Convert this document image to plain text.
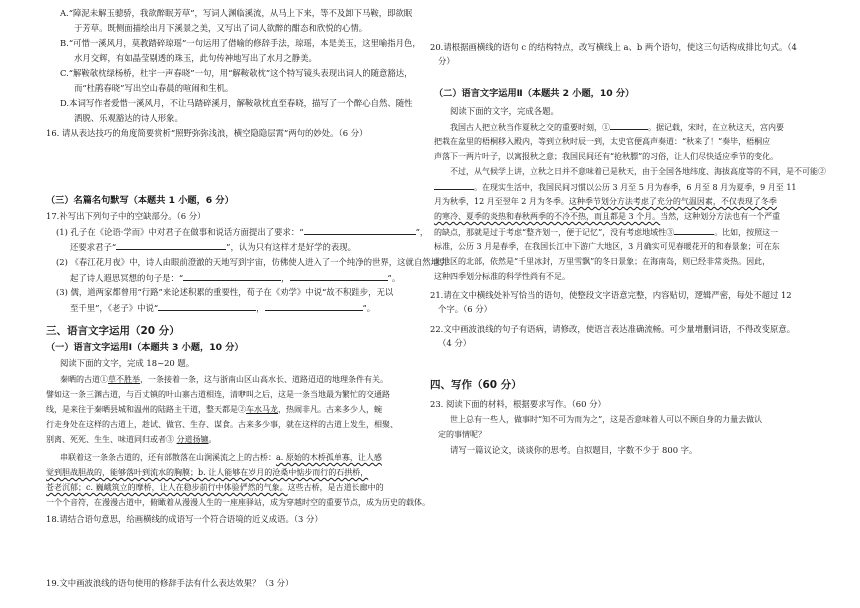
A.“障泥未解玉骢骄，我欲醉眠芳草”，写词人渊临溪流，从马上下来，等不及卸下马鞍，即欲眠
于芳草。既侧面描绘出月下溪景之美，又写出了词人欲醉的酣态和欣悦的心情。
B.“可惜一溪风月，莫教踏碎琼瑶”一句运用了借喻的修辞手法，琼瑶，本是美玉，这里喻指月色，
水月交辉，有如晶莹剔透的珠玉，此句传神地写出了水月之静美。
C.“解鞍欹枕绿杨桥，杜宇一声春晓”一句，用“解鞍欹枕”这个特写镜头表现出词人的随意豁达，
而“杜鹃春晓”写出空山春晨的喧闹和生机。
D.本词写作者爱惜一溪风月，不让马踏碎溪月，解鞍欹枕直至春晓，描写了一个醉心自然、随性
洒脱、乐观豁达的诗人形象。
16. 请从表达技巧的角度简要赏析“照野弥弥浅浪，横空隐隐层霄”两句的妙处。（6 分）
（三）名篇名句默写（本题共 1 小题，6 分）
17.补写出下列句子中的空缺部分。（6 分）
(1) 孔子在《论语·学而》中对君子在做事和说话方面提出了要求：“	”，
还要求君子“	”，认为只有这样才是好学的表现。
(2) 《春江花月夜》中，诗人由眼前澄澈的天地写到宇宙，仿佛使人进入了一个纯净的世界，这就自然地引
起了诗人遐思冥想的句子是：“	，	”。
(3) 儒，道两家都曾用“行路”来论述积累的重要性，荀子在《劝学》中说“故不积跬步，无以
至千里”，《老子》中说“	，	”。
三、语言文字运用（20 分）
（一）语言文字运用Ⅰ（本题共 3 小题，10 分）
阅读下面的文字，完成 18~20 题。
秦晒的古道①草不胜举，一条接着一条，这与浙南山区山高水长、道路迢迢的地理条件有关。
譬如这一条三渊古道，与百丈镇的叶山寨古道相连，清咿叫之后，这是一条当地最为繁忙的交通路
线，是来往于秦晒县城和温州的陆路主干道，整天都是②车水马龙，热闹非凡。古来多少人，蜿
行走身处在这样的古道上，趁试、做官、生存、谋食。古来多少事，就在这样的古道上发生，相聚、
别离、死死、生生、味道同归或者③ 分道扬镳。
串联着这一条条古道的，还有部散落在山涧溪流之上的古桥：a. 原始的木桥孤单寡，让人感
觉到胆战胆战的，能够落叶到流水的胸膜；b. 让人能够在岁月的沧桑中惦步而行的石拱桥，
苍老沉郁；c. 巍峨筑立的摩桥，让人在稳步前行中体验俨然的气象。这些古桥，是古道长廊中的
一个个音符，在漫漫古道中，俯瞰着从漫漫人生的一座座驿站，成为穿越时空的重要节点，成为历史的载体。
18.请结合语句意思，给画横线的成语写一个符合语境的近义成语。（3 分）
19.文中画波浪线的语句使用的修辞手法有什么表达效果？（3 分）
20.请根据画横线的语句 c 的结构特点，改写横线上 a、b 两个语句，使这三句话构成排比句式。（4
分）
（二）语言文字运用Ⅱ（本题共 2 小题，10 分）
阅读下面的文字，完成各题。
我国古人把立秋当作夏秋之交的重要时刻，①	。据记载，宋时，在立秋这天，宫内要
把栽在盆里的梧桐移入殿内，等到立秋时辰一到，太史官便高声奏道：“秋来了！”奏毕，梧桐应
声落下一两片叶子，以寓报秋之意；我国民间还有“抢秋膘”的习俗，让人们尽快适应季节的变化。
不过，从气候学上讲，立秋之日并不意味着已是秋天，由于全国各地纬度、海拔高度等的不同，是不可能②
。在现实生活中，我国民间习惯以公历 3 月至 5 月为春季，6 月至 8 月为夏季，9 月至 11
月为秋季，12 月至翌年 2 月为冬季。这种季节划分方法考虑了充分的气温因素，不仅表现了冬季
的寒冷、夏季的炎热和春秋两季的不冷不热，而且都是 3 个月。当然，这种划分方法也有一个严重
的缺点，那就是过于考虑“整齐划一，便于记忆”，没有考虑地域性③	。比如，按照这一
标准，公历 3 月是春季，在我国长江中下游广大地区，3 月确实可见春暖花开的和春景象；可在东
北地区的北部，依然是“千里冰封，万里雪飘”的冬日景象；在海南岛，则已经非常炎热。因此，
这种四季划分标准的科学性尚有不足。
21.请在文中横线处补写恰当的语句，使整段文字语意完整，内容贴切，逻辑严密，每处不超过 12
个字。（6 分）
22.文中画波浪线的句子有语病，请修改，使语言表达准确流畅。可少量增删词语，不得改变原意。
（4 分）
四、写作（60 分）
23. 阅读下面的材料，根据要求写作。（60 分）
世上总有一些人，做事时“知不可为而为之”，这是否意味着人可以不顾自身的力量去做认
定的事情呢？
请写一篇议论文，谈谈你的思考。自拟题目，字数不少于 800 字。
